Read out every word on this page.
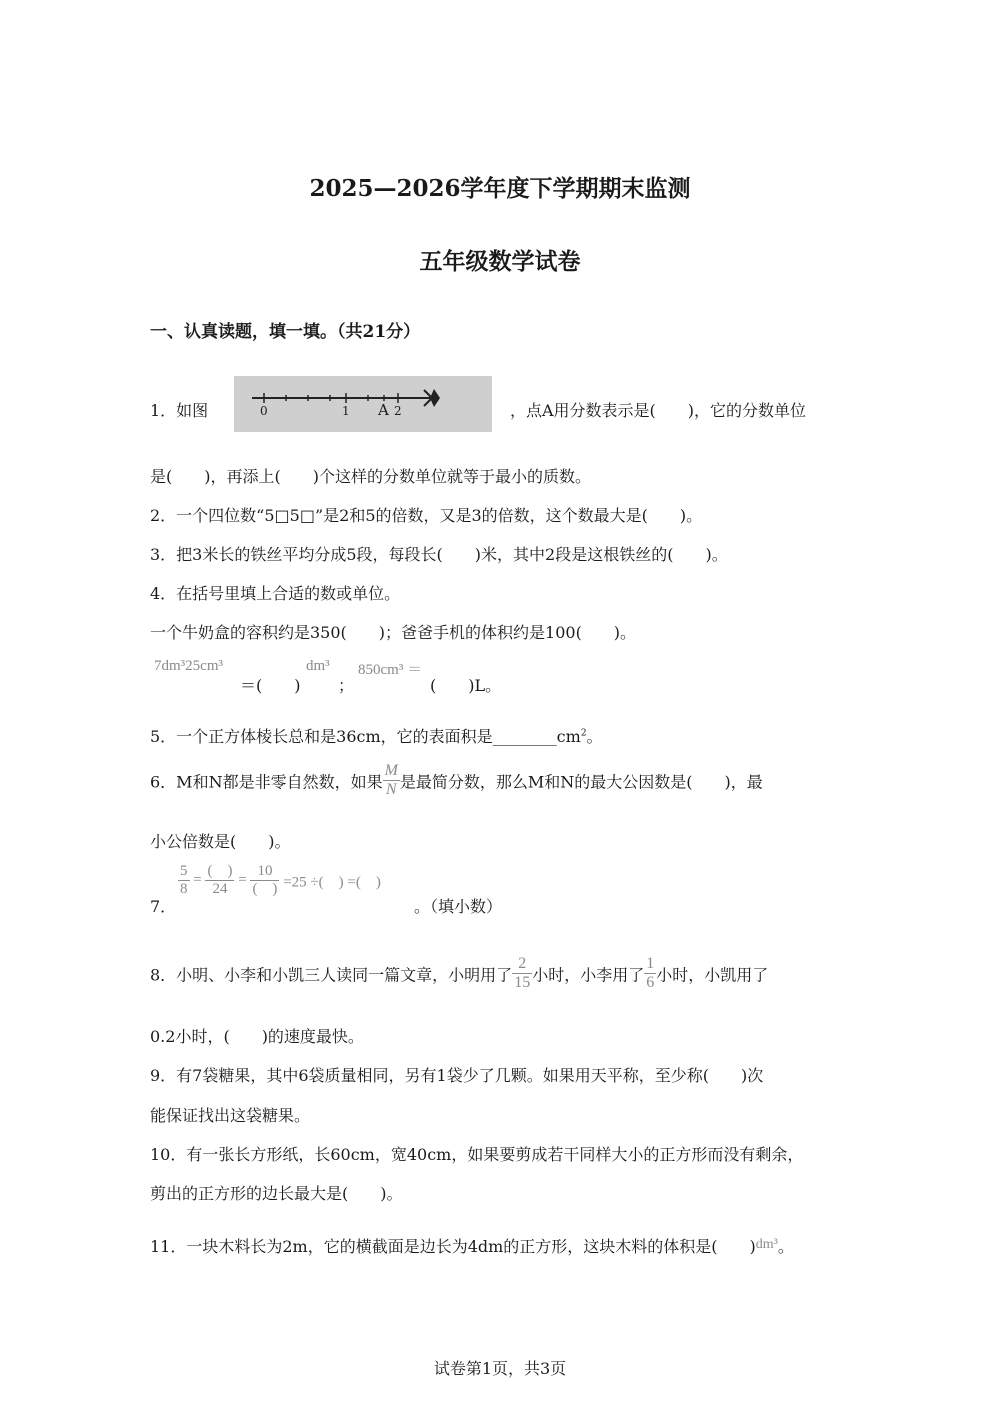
2025—2026学年度下学期期末监测
五年级数学试卷
一、认真读题，填一填。（共21分）
1．如图	0	1 A 2	，点A用分数表示是(　　)，它的分数单位
是(　　)，再添上(　　)个这样的分数单位就等于最小的质数。
2．一个四位数“5□5□”是2和5的倍数，又是3的倍数，这个数最大是(　　)。
3．把3米长的铁丝平均分成5段，每段长(　　)米，其中2段是这根铁丝的(　　)。
4．在括号里填上合适的数或单位。
一个牛奶盒的容积约是350(　　)；爸爸手机的体积约是100(　　)。
7dm³25cm³
＝(　　)
dm³
；
850cm³ ＝
(　　)L。
5．一个正方体棱长总和是36cm，它的表面积是$\_\_\_\_\_\_\_\_cm^2$。
6．M和N都是非零自然数，如果 $\frac{M}{N}$ 是最简分数，那么M和N的最大公因数是(　　)，最
小公倍数是(　　)。
7．
$\frac{5}{8} = \frac{( )}{24} = \frac{10}{( )} =25$ ÷(　) =(　)
。（填小数）
8．小明、小李和小凯三人读同一篇文章，小明用了 $\frac{2}{15}$ 小时，小李用了 $\frac{1}{6}$ 小时，小凯用了
0.2小时，(　　)的速度最快。
9．有7袋糖果，其中6袋质量相同，另有1袋少了几颗。如果用天平称，至少称(　　)次
能保证找出这袋糖果。
10．有一张长方形纸，长60cm，宽40cm，如果要剪成若干同样大小的正方形而没有剩余，
剪出的正方形的边长最大是(　　)。
11．一块木料长为2m，它的横截面是边长为4dm的正方形，这块木料的体积是(　　)dm³。
试卷第1页，共3页
